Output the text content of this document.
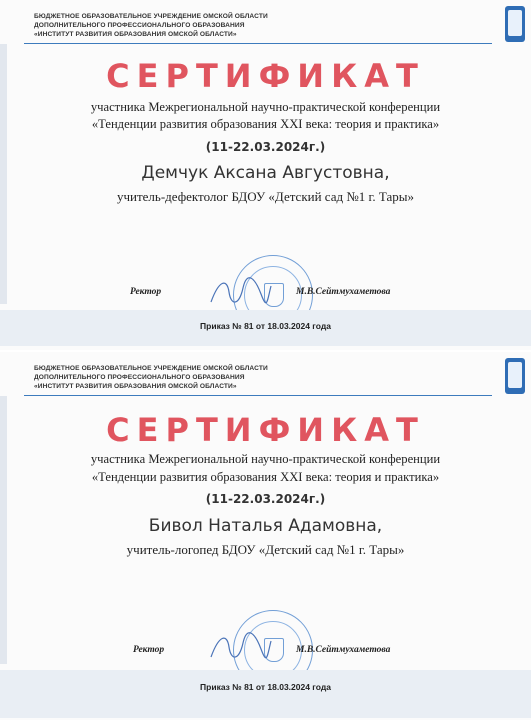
БЮДЖЕТНОЕ ОБРАЗОВАТЕЛЬНОЕ УЧРЕЖДЕНИЕ ОМСКОЙ ОБЛАСТИ
ДОПОЛНИТЕЛЬНОГО ПРОФЕССИОНАЛЬНОГО ОБРАЗОВАНИЯ
«ИНСТИТУТ РАЗВИТИЯ ОБРАЗОВАНИЯ ОМСКОЙ ОБЛАСТИ»
СЕРТИФИКАТ
участника Межрегиональной научно-практической конференции
«Тенденции развития образования XXI века: теория и практика»
(11-22.03.2024г.)
Демчук Аксана Августовна,
учитель-дефектолог БДОУ «Детский сад №1 г. Тары»
Ректор	М.В.Сейтмухаметова
Приказ № 81 от 18.03.2024 года
БЮДЖЕТНОЕ ОБРАЗОВАТЕЛЬНОЕ УЧРЕЖДЕНИЕ ОМСКОЙ ОБЛАСТИ
ДОПОЛНИТЕЛЬНОГО ПРОФЕССИОНАЛЬНОГО ОБРАЗОВАНИЯ
«ИНСТИТУТ РАЗВИТИЯ ОБРАЗОВАНИЯ ОМСКОЙ ОБЛАСТИ»
СЕРТИФИКАТ
участника Межрегиональной научно-практической конференции
«Тенденции развития образования XXI века: теория и практика»
(11-22.03.2024г.)
Бивол Наталья Адамовна,
учитель-логопед БДОУ «Детский сад №1 г. Тары»
Ректор	М.В.Сейтмухаметова
Приказ № 81 от 18.03.2024 года
